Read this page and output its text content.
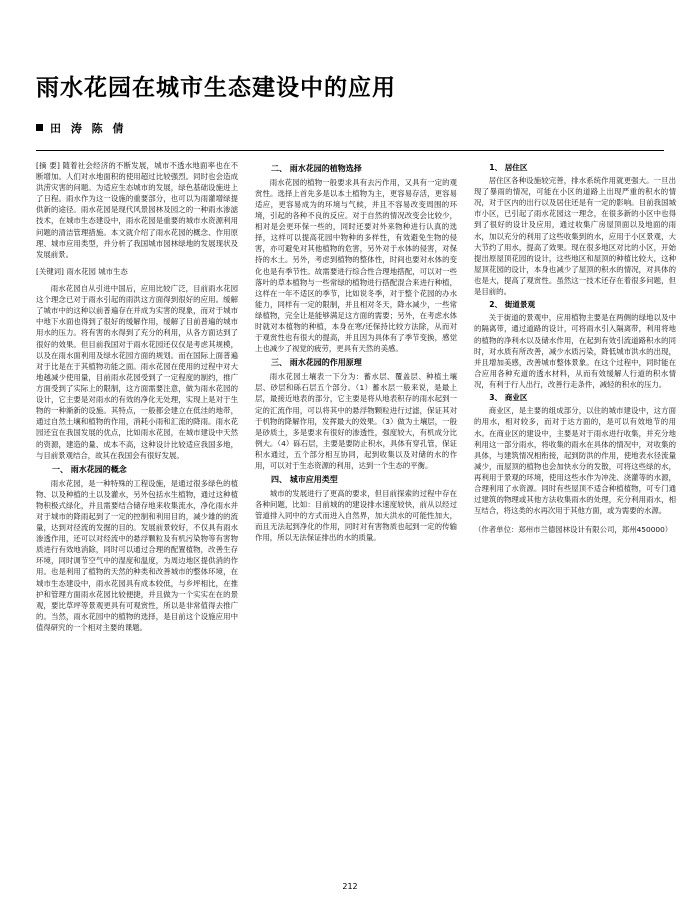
雨水花园在城市生态建设中的应用
田 涛 陈 倩
[摘 要] 随着社会经济的不断发展，城市不透水地面率也在不断增加。人们对水地面积的使用超过比较强烈。同时也会造成洪涝灾害的问题。为适应生态城市的发展，绿色基础设施进上了日程。雨水作为这一设施的重要部分，也可以为雨灌增绿提供新的途径。雨水花园是现代风景园林及园之的一种雨水渗滤技术，在城市生态建设中，雨水花园是重要的城市水资源利用问题的清洁管理措施。本文就介绍了雨水花园的概念、作用原理、城市应用类型，并分析了我国城市园林绿地的发展现状及发展前景。
[关键词] 雨水花园 城市生态

雨水花园自从引进中国后，应用比较广泛，目前雨水花园这个理念已对于雨水引起的雨洪这方面得到很好的应用。缓解了城市中的这种以前普遍存在并成为实害的现象，而对于城市中地下水面也得到了很好的缓解作用，缓解了目前普遍的城市用水的压力。将有害的水得到了充分的利用，从各方面达到了很好的效果。但目前我国对于雨水花园还仅仅是考虑其规模，以及在雨水面利用及绿水花园方面的规划。而在国际上面普遍对于比是在于其植物功能之面。雨水花园在使用的过程中对大地越减少使用量，目前雨水花园受到了一定程度的制约，推广方面受到了实际上的限制，这方面需要注意，做为雨水花园的设计，它主要是对雨水的有效的净化无处理，实现上是对于生物的一种渐新的设施。其特点，一般都会建立在低洼的地带，通过自然土壤和植物的作用，消耗小雨和汇流的降雨。雨水花园还宜在我国发展的优点，比如雨水花园，在城市建设中天然的资源，建造的量、成本不高，这种设计比较适应我国多地，与目前景观结合，故其在我国会有很好发展。

一、 雨水花园的概念

雨水花园，是一种特殊的工程设施，是通过很多绿色的植物、以及种植的土以及灌水，另外包括水生植物，通过这种植物积极式绿化，并且需要结合储存地来收集流水，净化雨水并对于城市的降雨起到了一定的控制和利用目的，减少雄的的流量，达到对径流的发掘的目的。发展前景较好，不仅具有雨水渗透作用，还可以对经流中的悬浮颗粒及有机污染物等有害物质进行有效地消除，同时可以通过合理的配置植物，改善生存环境，同时调节空气中的湿度和温度，为周边地区提供消的作用。也是利用了植物的天然的种类和改善城市的整体环境，在城市生态建设中，雨水花园具有成本较低，与乡坪相比，在推护和管理方面雨水花园比较便捷，并且做为一个实实在在的景观，要比草坪等景观更具有可观赏性，所以是非常值得去推广的。当然，雨水花园中的植物的选择，是目前这个设施应用中值得研究的一个相对主要的课题。

二、 雨水花园的植物选择

雨水花园的植物一般要求具有去污作用，又具有一定的观赏性。选择上首先多是以本土植物为主，更容易存活，更容易适应，更容易成为的环境与气候，并且不容易改变周围的环境，引起的各种不良的反应。对于自然的情况改变会比较少，相对是会更环保一些的，同时还要对外来物种进行认真的选择，这样可以提高花园中物种的多样性，有效避免生物的侵害，亦可避免对其他植物的危害，另外对于水体的侵害，对保持的水土。另外，考虑到植物的整体性，时间也要对水体的变化也是有季节性。故需要进行综合性合理地搭配，可以对一些落叶的草本植物与一些常绿的植物进行搭配混合来进行种植，这样在一年不适区的季节，比如说冬季，对于整个花园的办水能力，同样有一定的限制，并且相对冬天，降水减少，一些常绿植物，完全让是能够满足这方面的需要；另外，在考虑水体时就对本植物的种植，本身在寒/还保持比较方法除，从而对于观赏性也有很大的提高，并且因为具体有了季节变换，感觉上也减少了视觉的疲劳，更具有天然的美感。

三、 雨水花园的作用原理

雨水花园土壤表一下分为：蓄水层、覆盖层、种植土壤层、砂层和砾石层五个部分。（1）蓄水层一般来说，是最上层，最接近地表的部分，它主要是将从地表积存的雨水起到一定的汇流作用，可以将其中的悬浮物颗粒进行过滤，保证其对于机物的降解作用，发挥最大的效果。（3）做为土壤层，一般是砂质土，多是要求有很好的渗透性，强度较大，有机成分比例大。（4）砾石层，主要是要防止积水，具体有穿孔管，保证积水通过，五个部分相互协同，起到收集以及对储的水的作用，可以对于生态资源的利用，达到一个生态的平衡。

四、 城市应用类型

城市的发展进行了更高的要求，但目前探索的过程中存在各种问题，比如：目前城的的建设排水速度较快，前从以经过管道排入同中的方式而进入自然界，加大洪水的可能性加大，而且无法起到净化的作用，同时对有害物质也起到一定的传输作用，所以无法保证排出的水的质量。

1、 居住区

居住区各种设施较完善，排水系统作用就更强大。一旦出现了暴雨的情况，可能在小区的道路上出现严重的积水的情况，对于区内的出行以及居住还是有一定的影响。目前我国城市小区，已引起了雨水花园这一理念，在很多新的小区中也得到了很好的设计及应用，通过收集广房屋顶面以及地面的雨水，加以充分的利用了这些收集到的水，应用于小区景观，大大节约了用水，提高了效果。现在很多地区对比的小区，开始提出原屋顶花园的设计，这些地区和屋顶的种植比较大，这种屋顶花园的设计，本身也减少了屋顶的积水的情况，对具体的也是大，提高了观赏性。虽然这一技术还存在着很多问题，但是目前的。

2、 街道景观

关于街道的景观中，应用植物主要是在两侧的绿地以及中的隔离带，通过道路的设计，可将雨水引入隔离带，利用将地的植物的净利水以及储水作用，在起到有效引流道路积水的同时，对水质有所改善，减少水质污染，降低城市洪水的出现，并且增加美感，改善城市整体景象。在这个过程中，同时能在合应用各种充道的透水材料，从而有效缓解人行道的积水情况，有利于行人出行，改善行走条件，减轻的积水的压力。

3、 商业区

商业区，是主要的组成部分，以住的城市建设中，这方面的用水，相对较多，而对于达方面的，是可以有效地节的用水。在商业区的建设中，主要是对于雨水进行收集，并充分地利用这一部分雨水，将收集的雨水在具体的情况中，对收集的具体，与建筑情况相衔接，起到防洪的作用，使地表水径流量减少，而屋顶的植物也会加快水分的发散，可将这些绿的水，再利用于景观的环境，使用这些水作为冲洗、浇灌等的水源，合理利用了水资源。同时有些屋顶不适合种植植物，可专门通过建筑的物理或其他方法收集雨水的处理，充分利用雨水，相互结合，将这类的水再次用于其他方面，或为需要的水源。

（作者单位：郑州市兰德园林设计有限公司，郑州450000）

212
